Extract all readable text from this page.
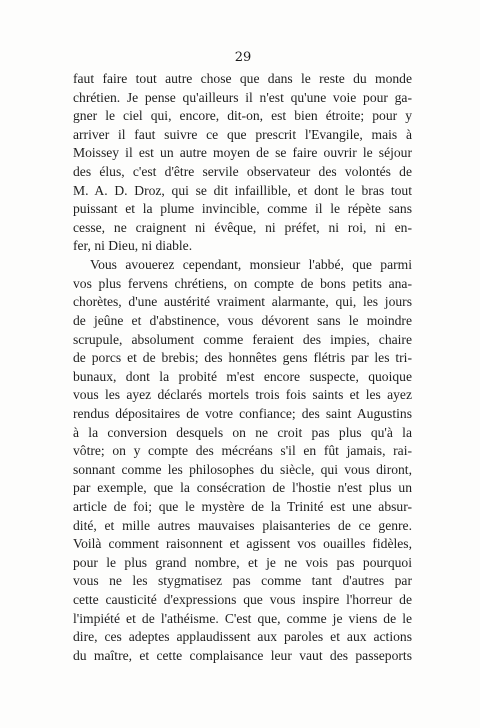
29
faut faire tout autre chose que dans le reste du monde
chrétien. Je pense qu'ailleurs il n'est qu'une voie pour ga-
gner le ciel qui, encore, dit-on, est bien étroite; pour y
arriver il faut suivre ce que prescrit l'Evangile, mais à
Moissey il est un autre moyen de se faire ouvrir le séjour
des élus, c'est d'être servile observateur des volontés de
M. A. D. Droz, qui se dit infaillible, et dont le bras tout
puissant et la plume invincible, comme il le répète sans
cesse, ne craignent ni évêque, ni préfet, ni roi, ni en-
fer, ni Dieu, ni diable.
Vous avouerez cependant, monsieur l'abbé, que parmi
vos plus fervens chrétiens, on compte de bons petits ana-
chorètes, d'une austérité vraiment alarmante, qui, les jours
de jeûne et d'abstinence, vous dévorent sans le moindre
scrupule, absolument comme feraient des impies, chaire
de porcs et de brebis; des honnêtes gens flétris par les tri-
bunaux, dont la probité m'est encore suspecte, quoique
vous les ayez déclarés mortels trois fois saints et les ayez
rendus dépositaires de votre confiance; des saint Augustins
à la conversion desquels on ne croit pas plus qu'à la
vôtre; on y compte des mécréans s'il en fût jamais, rai-
sonnant comme les philosophes du siècle, qui vous diront,
par exemple, que la consécration de l'hostie n'est plus un
article de foi; que le mystère de la Trinité est une absur-
dité, et mille autres mauvaises plaisanteries de ce genre.
Voilà comment raisonnent et agissent vos ouailles fidèles,
pour le plus grand nombre, et je ne vois pas pourquoi
vous ne les stygmatisez pas comme tant d'autres par
cette causticité d'expressions que vous inspire l'horreur de
l'impiété et de l'athéisme. C'est que, comme je viens de le
dire, ces adeptes applaudissent aux paroles et aux actions
du maître, et cette complaisance leur vaut des passeports
